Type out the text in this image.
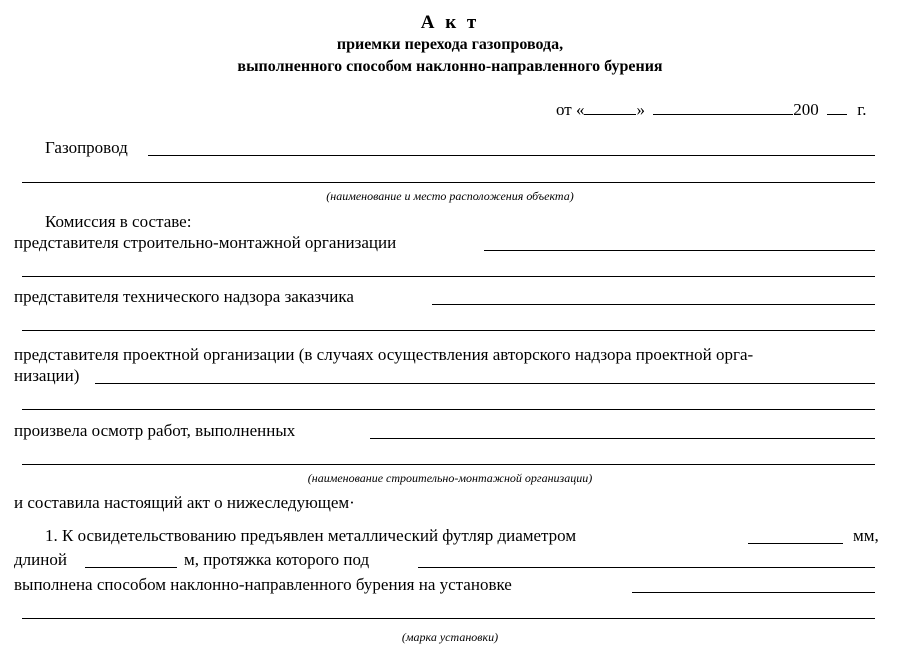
А к т
приемки перехода газопровода,
выполненного способом наклонно-направленного бурения
от «	»	200 г.
Газопровод
(наименование и место расположения объекта)
Комиссия в составе:
представителя строительно-монтажной организации
представителя технического надзора заказчика
представителя проектной организации (в случаях осуществления авторского надзора проектной орга-
низации)
произвела осмотр работ, выполненных
(наименование строительно-монтажной организации)
и составила настоящий акт о нижеследующем·
1. К освидетельствованию предъявлен металлический футляр диаметром	мм,
длиной	м, протяжка которого под
выполнена способом наклонно-направленного бурения на установке
(марка установки)
